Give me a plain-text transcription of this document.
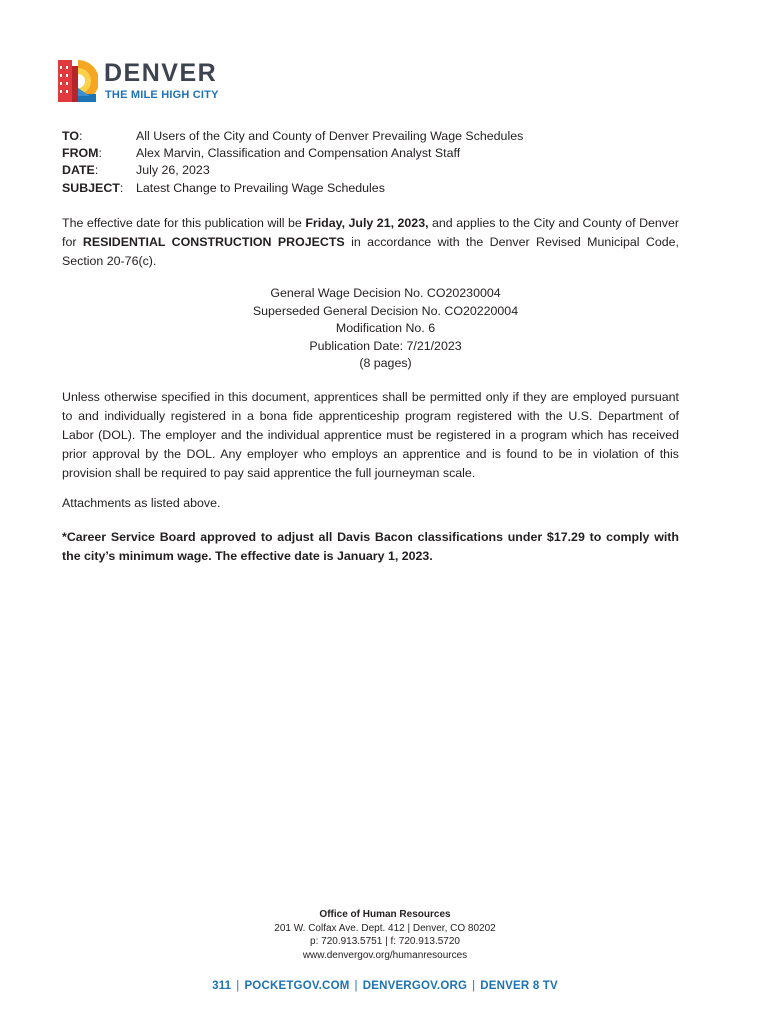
DENVER
THE MILE HIGH CITY
TO:	All Users of the City and County of Denver Prevailing Wage Schedules
FROM:	Alex Marvin, Classification and Compensation Analyst Staff
DATE:	July 26, 2023
SUBJECT:	Latest Change to Prevailing Wage Schedules

The effective date for this publication will be Friday, July 21, 2023, and applies to the City and County of Denver for RESIDENTIAL CONSTRUCTION PROJECTS in accordance with the Denver Revised Municipal Code, Section 20-76(c).

General Wage Decision No. CO20230004
Superseded General Decision No. CO20220004
Modification No. 6
Publication Date: 7/21/2023
(8 pages)

Unless otherwise specified in this document, apprentices shall be permitted only if they are employed pursuant to and individually registered in a bona fide apprenticeship program registered with the U.S. Department of Labor (DOL). The employer and the individual apprentice must be registered in a program which has received prior approval by the DOL. Any employer who employs an apprentice and is found to be in violation of this provision shall be required to pay said apprentice the full journeyman scale.

Attachments as listed above.

*Career Service Board approved to adjust all Davis Bacon classifications under $17.29 to comply with the city’s minimum wage. The effective date is January 1, 2023.

Office of Human Resources
201 W. Colfax Ave. Dept. 412 | Denver, CO 80202
p: 720.913.5751 | f: 720.913.5720
www.denvergov.org/humanresources
311 | POCKETGOV.COM | DENVERGOV.ORG | DENVER 8 TV
